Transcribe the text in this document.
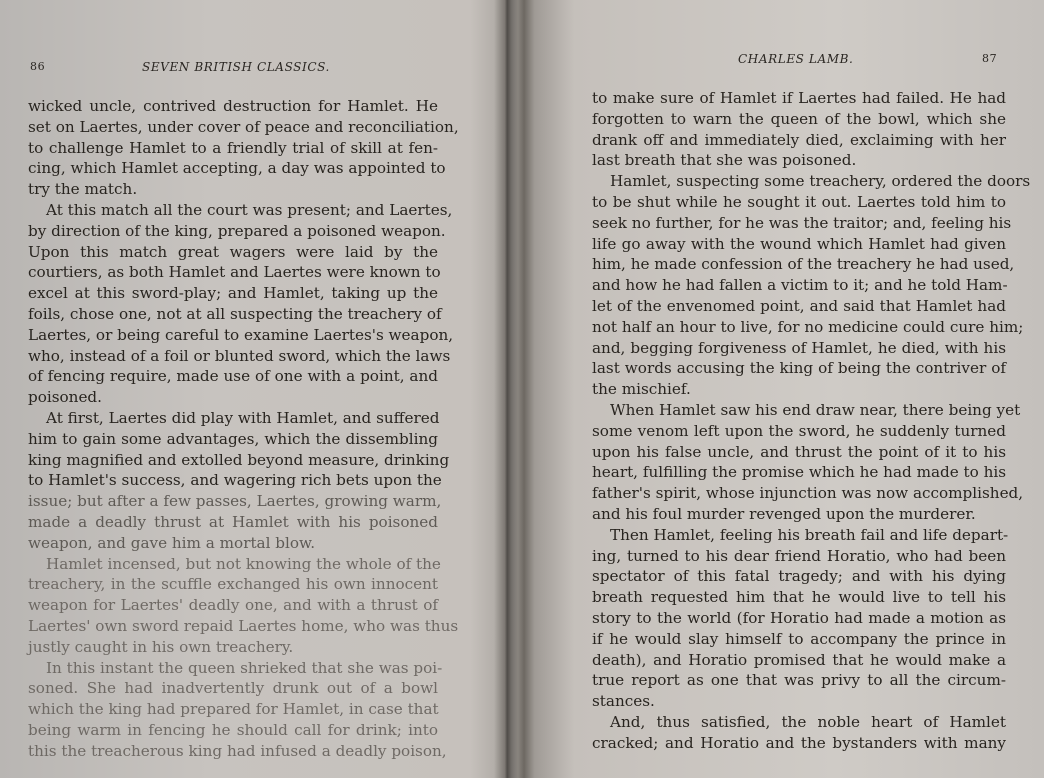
86	SEVEN BRITISH CLASSICS.
wicked uncle, contrived destruction for Hamlet. He
set on Laertes, under cover of peace and reconciliation,
to challenge Hamlet to a friendly trial of skill at fen-
cing, which Hamlet accepting, a day was appointed to
try the match.
At this match all the court was present; and Laertes,
by direction of the king, prepared a poisoned weapon.
Upon this match great wagers were laid by the
courtiers, as both Hamlet and Laertes were known to
excel at this sword-play; and Hamlet, taking up the
foils, chose one, not at all suspecting the treachery of
Laertes, or being careful to examine Laertes's weapon,
who, instead of a foil or blunted sword, which the laws
of fencing require, made use of one with a point, and
poisoned.
At first, Laertes did play with Hamlet, and suffered
him to gain some advantages, which the dissembling
king magnified and extolled beyond measure, drinking
to Hamlet's success, and wagering rich bets upon the
issue; but after a few passes, Laertes, growing warm,
made a deadly thrust at Hamlet with his poisoned
weapon, and gave him a mortal blow.
Hamlet incensed, but not knowing the whole of the
treachery, in the scuffle exchanged his own innocent
weapon for Laertes' deadly one, and with a thrust of
Laertes' own sword repaid Laertes home, who was thus
justly caught in his own treachery.
In this instant the queen shrieked that she was poi-
soned. She had inadvertently drunk out of a bowl
which the king had prepared for Hamlet, in case that
being warm in fencing he should call for drink; into
this the treacherous king had infused a deadly poison,
CHARLES LAMB.	87
to make sure of Hamlet if Laertes had failed. He had
forgotten to warn the queen of the bowl, which she
drank off and immediately died, exclaiming with her
last breath that she was poisoned.
Hamlet, suspecting some treachery, ordered the doors
to be shut while he sought it out. Laertes told him to
seek no further, for he was the traitor; and, feeling his
life go away with the wound which Hamlet had given
him, he made confession of the treachery he had used,
and how he had fallen a victim to it; and he told Ham-
let of the envenomed point, and said that Hamlet had
not half an hour to live, for no medicine could cure him;
and, begging forgiveness of Hamlet, he died, with his
last words accusing the king of being the contriver of
the mischief.
When Hamlet saw his end draw near, there being yet
some venom left upon the sword, he suddenly turned
upon his false uncle, and thrust the point of it to his
heart, fulfilling the promise which he had made to his
father's spirit, whose injunction was now accomplished,
and his foul murder revenged upon the murderer.
Then Hamlet, feeling his breath fail and life depart-
ing, turned to his dear friend Horatio, who had been
spectator of this fatal tragedy; and with his dying
breath requested him that he would live to tell his
story to the world (for Horatio had made a motion as
if he would slay himself to accompany the prince in
death), and Horatio promised that he would make a
true report as one that was privy to all the circum-
stances.
And, thus satisfied, the noble heart of Hamlet
cracked; and Horatio and the bystanders with many
